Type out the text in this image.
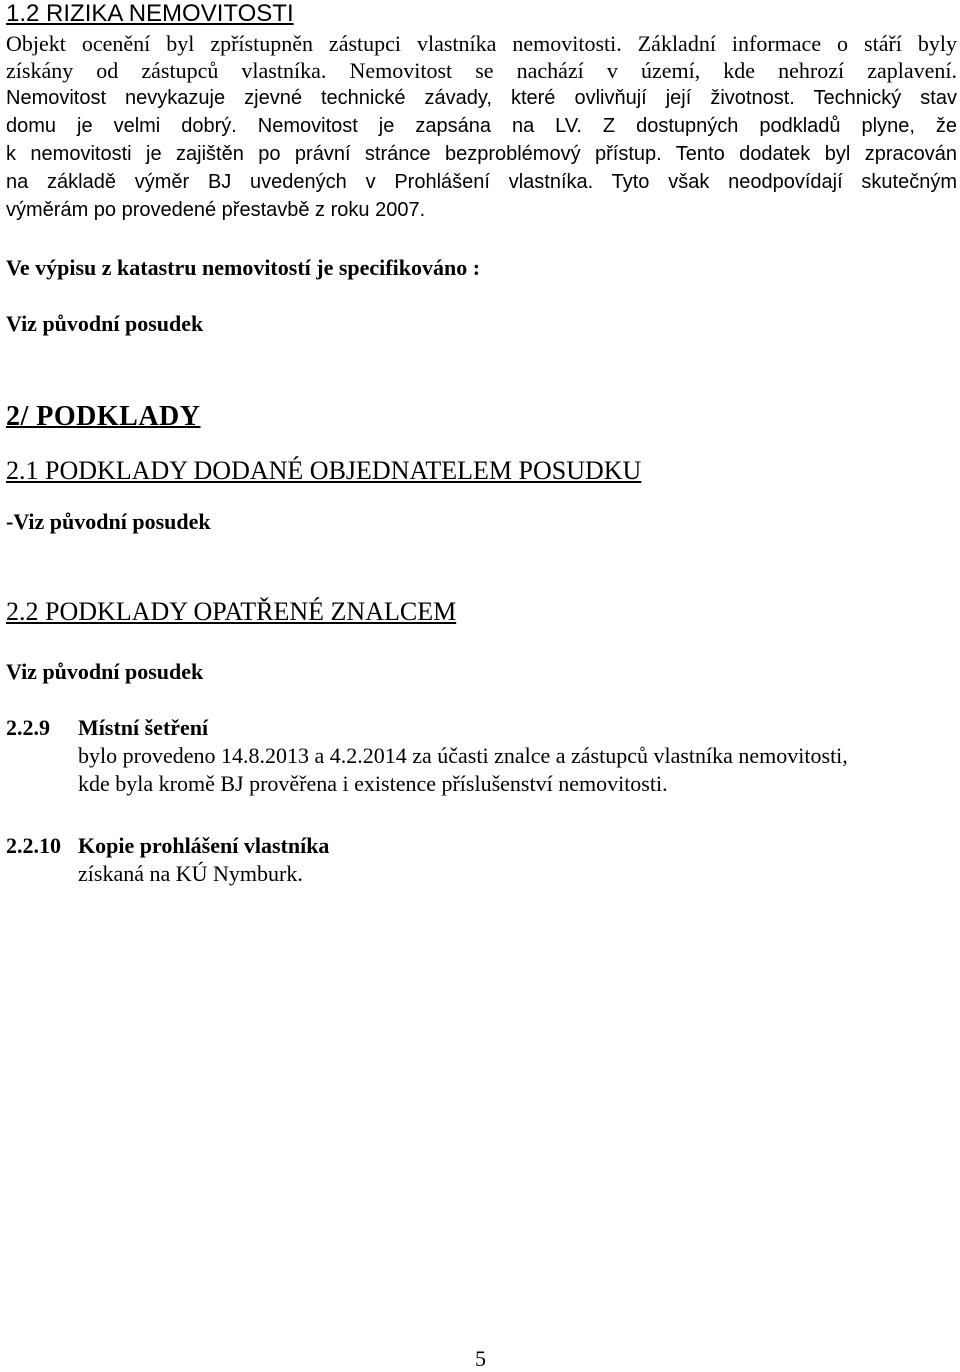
1.2 RIZIKA NEMOVITOSTI
Objekt ocenění byl zpřístupněn zástupci vlastníka nemovitosti. Základní informace o stáří byly
získány od zástupců vlastníka. Nemovitost se nachází v území, kde nehrozí zaplavení.
Nemovitost nevykazuje zjevné technické závady, které ovlivňují její životnost. Technický stav
domu je velmi dobrý. Nemovitost je zapsána na LV. Z dostupných podkladů plyne, že
k nemovitosti je zajištěn po právní stránce bezproblémový přístup. Tento dodatek byl zpracován
na základě výměr BJ uvedených v Prohlášení vlastníka. Tyto však neodpovídají skutečným
výměrám po provedené přestavbě z roku 2007.
Ve výpisu z katastru nemovitostí je specifikováno :
Viz původní posudek
2/ PODKLADY
2.1 PODKLADY DODANÉ OBJEDNATELEM POSUDKU
-Viz původní posudek
2.2 PODKLADY OPATŘENÉ ZNALCEM
Viz původní posudek
2.2.9 Místní šetření
bylo provedeno 14.8.2013 a 4.2.2014 za účasti znalce a zástupců vlastníka nemovitosti,
kde byla kromě BJ prověřena i existence příslušenství nemovitosti.
2.2.10 Kopie prohlášení vlastníka
získaná na KÚ Nymburk.
5
